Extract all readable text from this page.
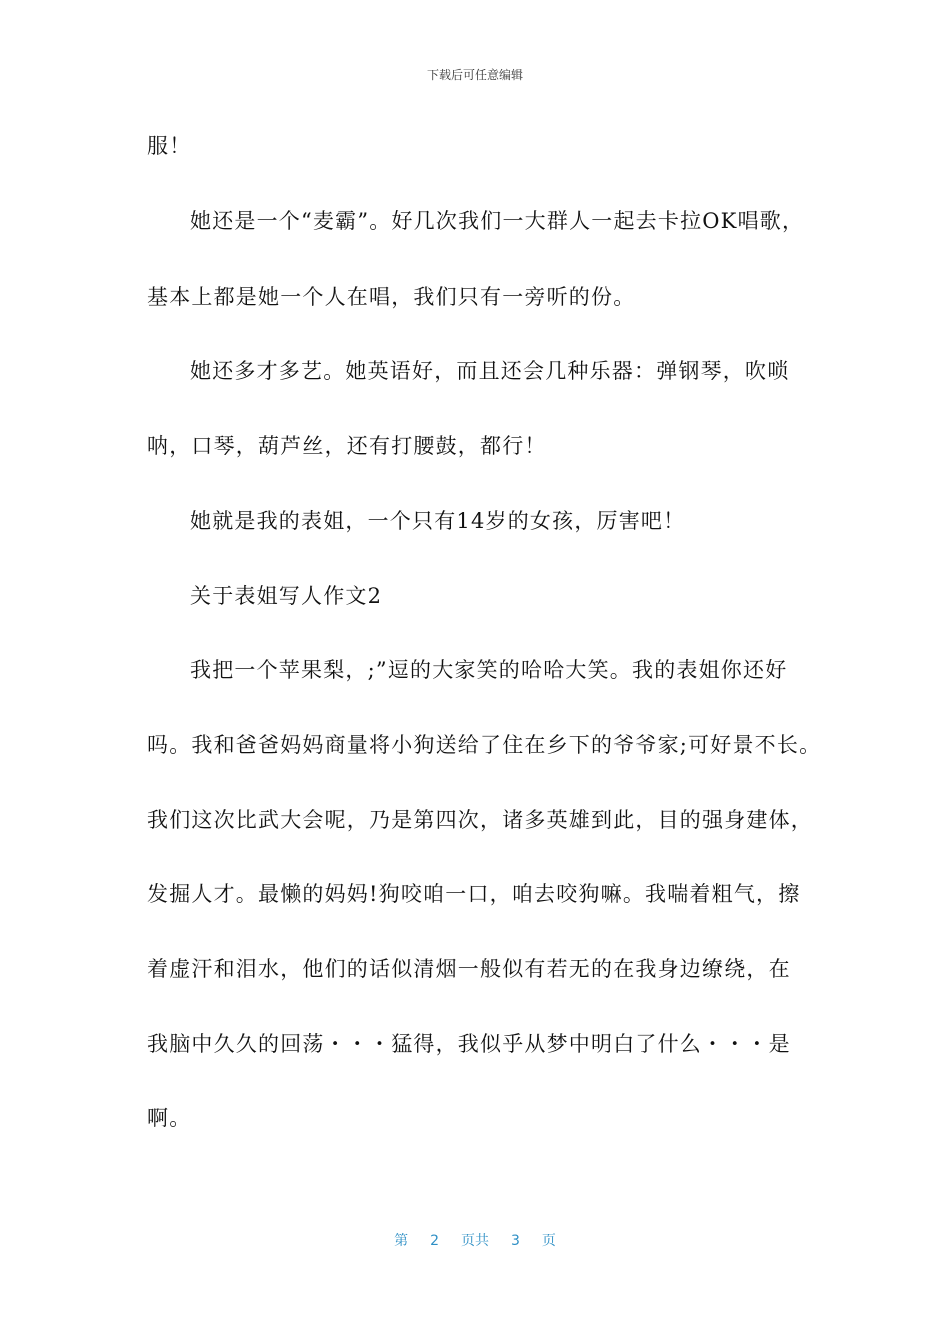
下载后可任意编辑
服！
她还是一个“麦霸”。好几次我们一大群人一起去卡拉OK唱歌，
基本上都是她一个人在唱，我们只有一旁听的份。
她还多才多艺。她英语好，而且还会几种乐器：弹钢琴，吹唢
呐，口琴，葫芦丝，还有打腰鼓，都行！
她就是我的表姐，一个只有14岁的女孩，厉害吧！
关于表姐写人作文2
我把一个苹果梨，;”逗的大家笑的哈哈大笑。我的表姐你还好
吗。我和爸爸妈妈商量将小狗送给了住在乡下的爷爷家;可好景不长。
我们这次比武大会呢，乃是第四次，诸多英雄到此，目的强身建体，
发掘人才。最懒的妈妈!狗咬咱一口，咱去咬狗嘛。我喘着粗气，擦
着虚汗和泪水，他们的话似清烟一般似有若无的在我身边缭绕，在
我脑中久久的回荡・・・猛得，我似乎从梦中明白了什么・・・是
啊。
第 2 页共 3 页
